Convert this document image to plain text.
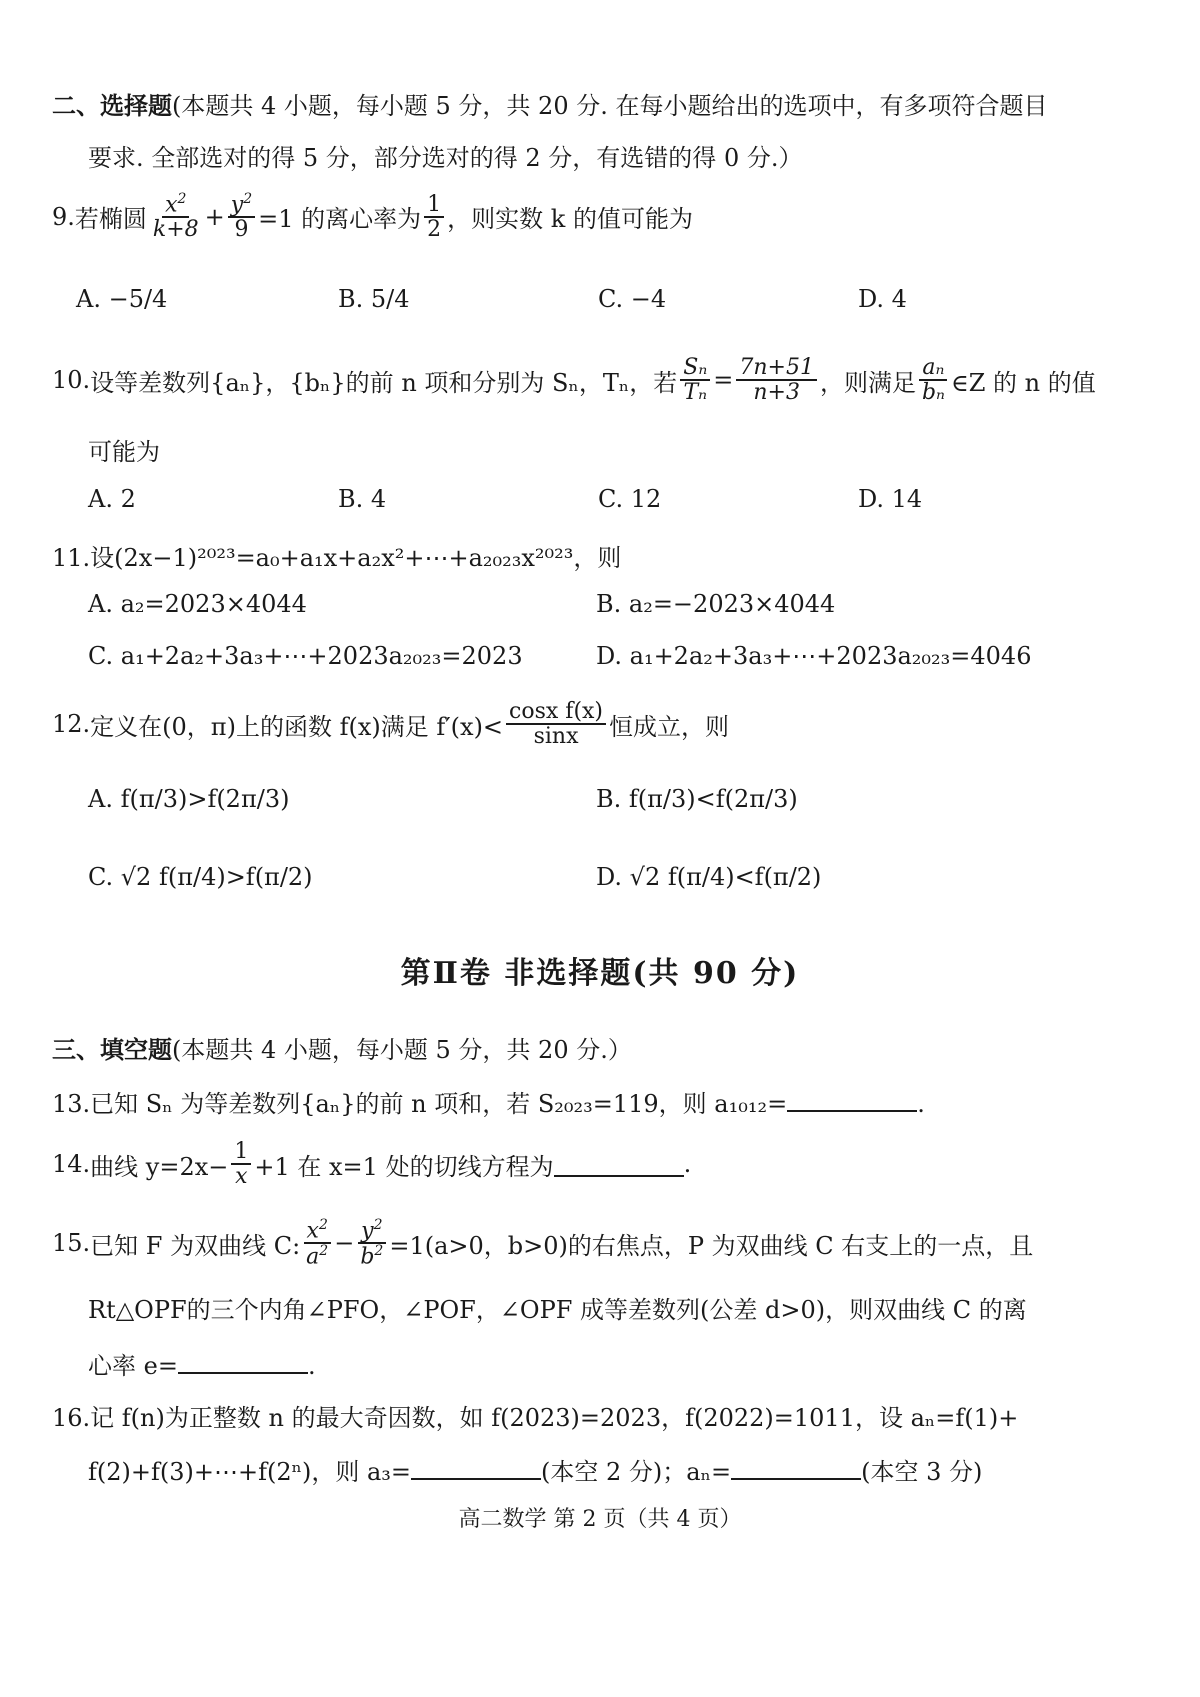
二、选择题(本题共 4 小题，每小题 5 分，共 20 分. 在每小题给出的选项中，有多项符合题目
要求. 全部选对的得 5 分，部分选对的得 2 分，有选错的得 0 分.）
9. 若椭圆 $\frac{x^2}{k+8} + \frac{y^2}{9} =1$ 的离心率为 $\frac{1}{2}$ ，则实数 k 的值可能为
A. −5/4	B. 5/4	C. −4	D. 4
10. 设等差数列{aₙ}，{bₙ}的前 n 项和分别为 Sₙ，Tₙ，若 $\frac{\text{Sₙ}}{\text{Tₙ}} = \frac{7n+51}{n+3}$ ，则满足 $\frac{\text{aₙ}}{\text{bₙ}}$ ∈Z 的 n 的值
可能为
A. 2	B. 4	C. 12	D. 14
11.设(2x−1)²⁰²³=a₀+a₁x+a₂x²+⋯+a₂₀₂₃x²⁰²³，则
A. a₂=2023×4044	B. a₂=−2023×4044
C. a₁+2a₂+3a₃+⋯+2023a₂₀₂₃=2023	D. a₁+2a₂+3a₃+⋯+2023a₂₀₂₃=4046
12. 定义在(0，π)上的函数 f(x)满足 $f'(x)< \frac{\text{cosx f(x)}}{\sin x}$ 恒成立，则
A. f(π/3)>f(2π/3)	B. f(π/3)<f(2π/3)
C. √2 f(π/4)>f(π/2)	D. √2 f(π/4)<f(π/2)
第Ⅱ卷 非选择题(共 90 分)
三、填空题(本题共 4 小题，每小题 5 分，共 20 分.）
13.已知 Sₙ 为等差数列{aₙ}的前 n 项和，若 S₂₀₂₃=119，则 a₁₀₁₂=	.
14. 曲线 $y=2x- \frac{1}{x} +1$ 在 x=1 处的切线方程为	.
15. 已知 F 为双曲线 C: $\frac{x^2}{a^2} - \frac{y^2}{b^2} =1(a>0$，b>0)的右焦点，P 为双曲线 C 右支上的一点，且
Rt△OPF的三个内角∠PFO，∠POF，∠OPF 成等差数列(公差 d>0)，则双曲线 C 的离
心率 e=	.
16.记 f(n)为正整数 n 的最大奇因数，如 f(2023)=2023，f(2022)=1011，设 aₙ=f(1)+
f(2)+f(3)+⋯+f(2ⁿ)，则 a₃=	(本空 2 分)；aₙ=	(本空 3 分)
高二数学 第 2 页（共 4 页）
